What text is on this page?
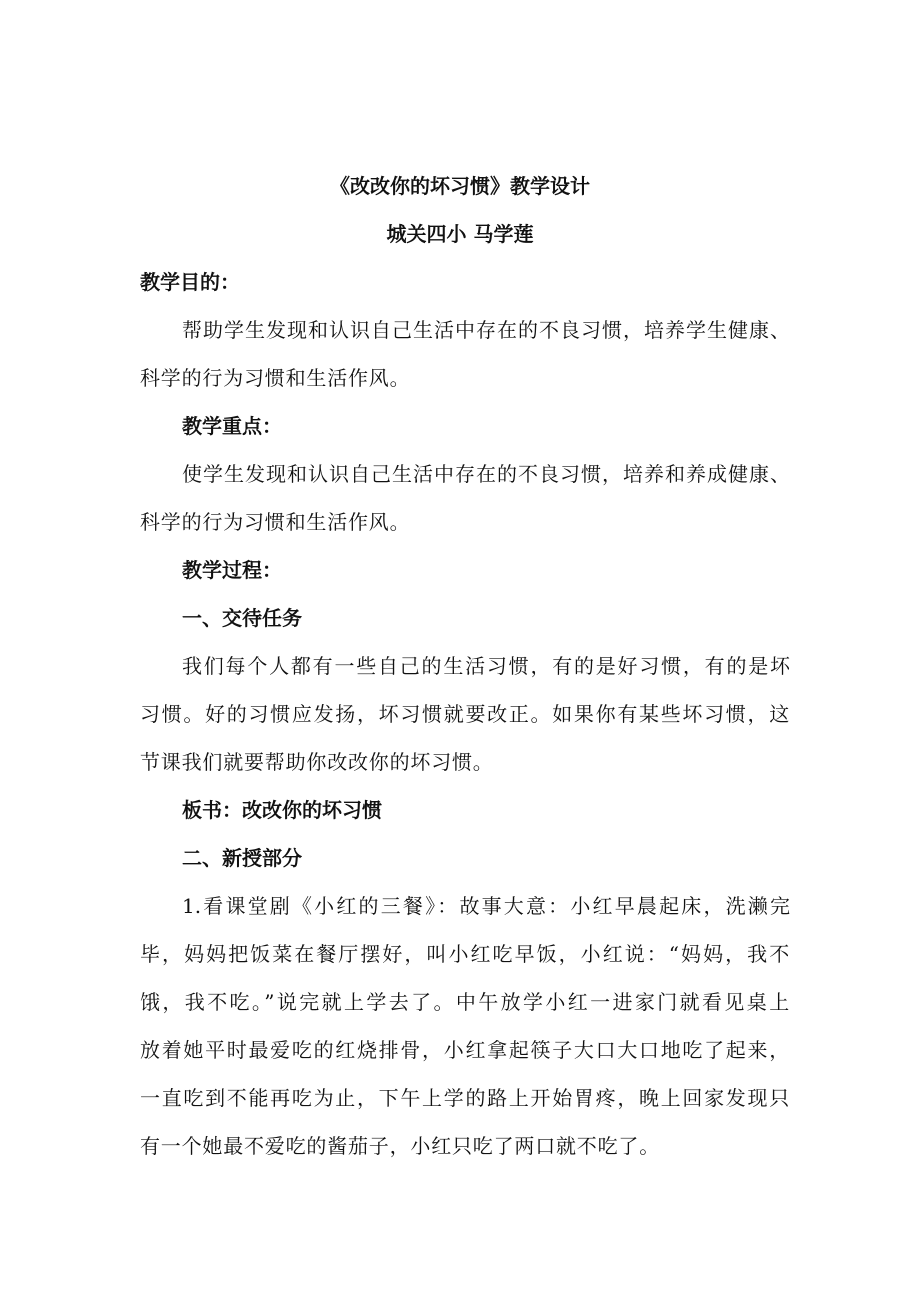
《改改你的坏习惯》教学设计
城关四小 马学莲
教学目的：
帮助学生发现和认识自己生活中存在的不良习惯，培养学生健康、
科学的行为习惯和生活作风。
教学重点：
使学生发现和认识自己生活中存在的不良习惯，培养和养成健康、
科学的行为习惯和生活作风。
教学过程：
一、交待任务
我们每个人都有一些自己的生活习惯，有的是好习惯，有的是坏
习惯。好的习惯应发扬，坏习惯就要改正。如果你有某些坏习惯，这
节课我们就要帮助你改改你的坏习惯。
板书：改改你的坏习惯
二、新授部分
1.看课堂剧《小红的三餐》：故事大意：小红早晨起床，洗濑完
毕，妈妈把饭菜在餐厅摆好，叫小红吃早饭，小红说：“妈妈，我不
饿，我不吃。”说完就上学去了。中午放学小红一进家门就看见桌上
放着她平时最爱吃的红烧排骨，小红拿起筷子大口大口地吃了起来，
一直吃到不能再吃为止，下午上学的路上开始胃疼，晚上回家发现只
有一个她最不爱吃的酱茄子，小红只吃了两口就不吃了。
